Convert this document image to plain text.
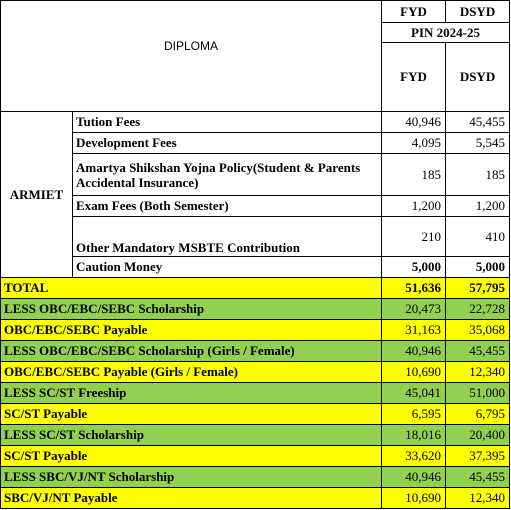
DIPLOMA		FYD	DSYD
		PIN 2024-25	
		FYD	DSYD
ARMIET	Tution Fees	40,946	45,455
	Development Fees	4,095	5,545
	Amartya Shikshan Yojna Policy(Student & Parents Accidental Insurance)	185	185
	Exam Fees (Both Semester)	1,200	1,200
	Other Mandatory MSBTE Contribution	210	410
	Caution Money	5,000	5,000
TOTAL		51,636	57,795
LESS OBC/EBC/SEBC Scholarship		20,473	22,728
OBC/EBC/SEBC Payable		31,163	35,068
LESS OBC/EBC/SEBC Scholarship (Girls / Female)		40,946	45,455
OBC/EBC/SEBC Payable (Girls / Female)		10,690	12,340
LESS SC/ST Freeship		45,041	51,000
SC/ST Payable		6,595	6,795
LESS SC/ST Scholarship		18,016	20,400
SC/ST Payable		33,620	37,395
LESS SBC/VJ/NT Scholarship		40,946	45,455
SBC/VJ/NT Payable		10,690	12,340
